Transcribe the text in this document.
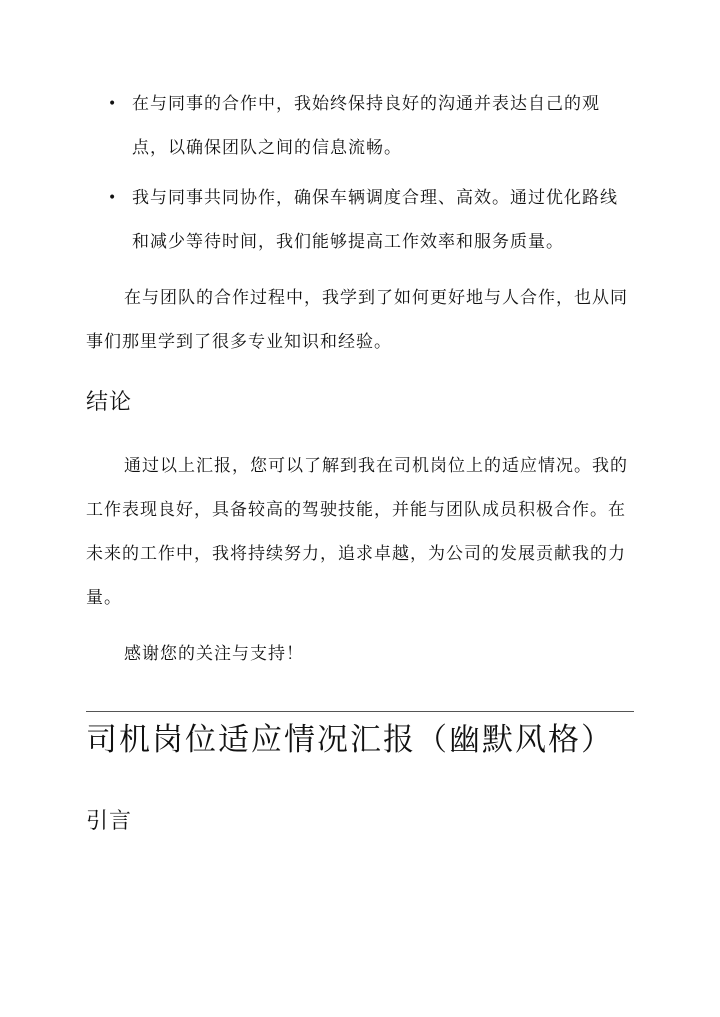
• 在与同事的合作中，我始终保持良好的沟通并表达自己的观点，以确保团队之间的信息流畅。
• 我与同事共同协作，确保车辆调度合理、高效。通过优化路线和减少等待时间，我们能够提高工作效率和服务质量。

在与团队的合作过程中，我学到了如何更好地与人合作，也从同事们那里学到了很多专业知识和经验。

结论

通过以上汇报，您可以了解到我在司机岗位上的适应情况。我的工作表现良好，具备较高的驾驶技能，并能与团队成员积极合作。在未来的工作中，我将持续努力，追求卓越，为公司的发展贡献我的力量。

感谢您的关注与支持！

司机岗位适应情况汇报（幽默风格）
引言
